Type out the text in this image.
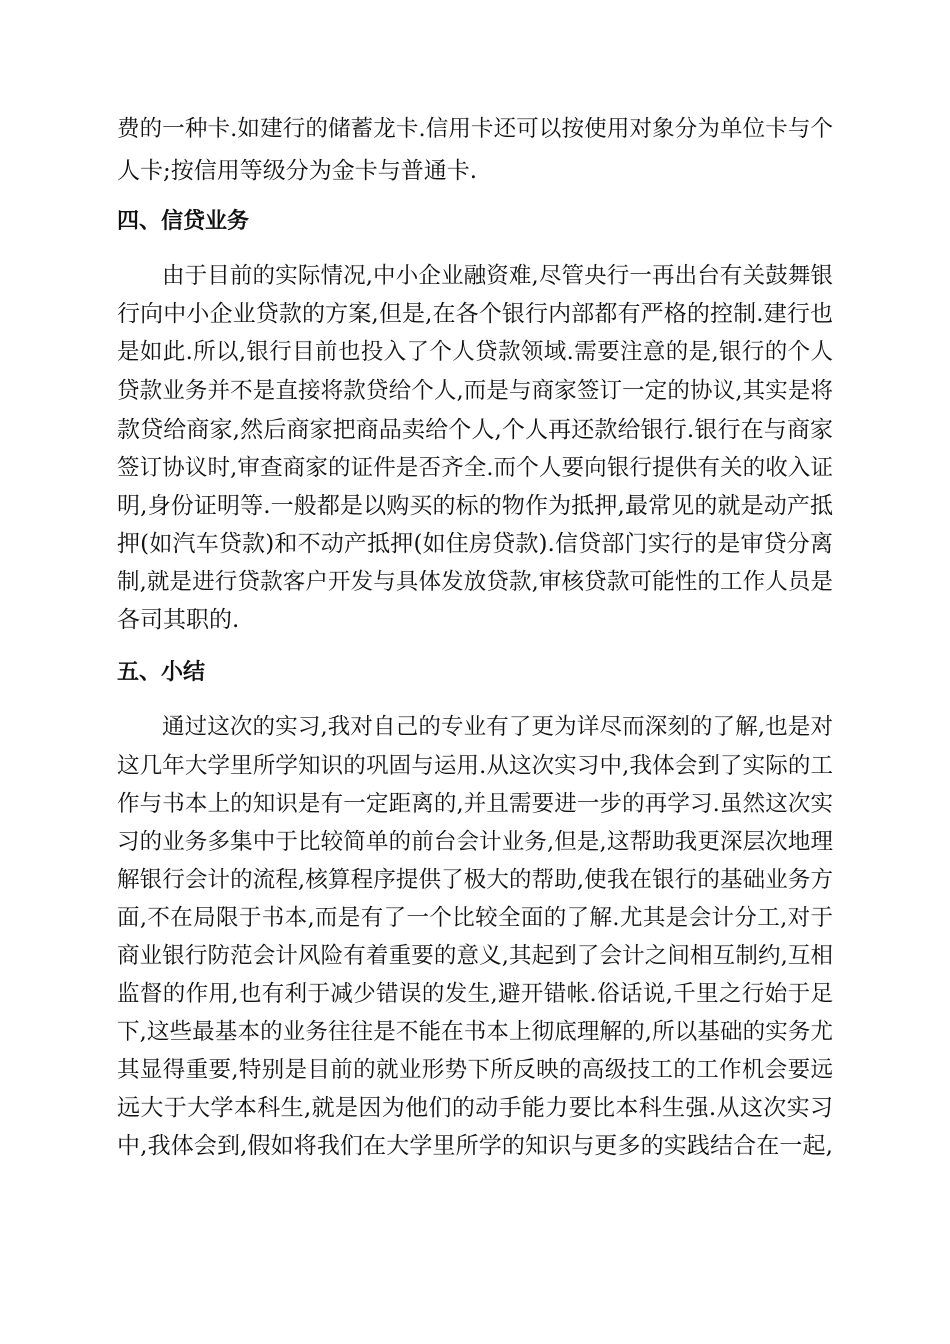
费的一种卡.如建行的储蓄龙卡.信用卡还可以按使用对象分为单位卡与个
人卡;按信用等级分为金卡与普通卡.
四、信贷业务
由于目前的实际情况,中小企业融资难,尽管央行一再出台有关鼓舞银
行向中小企业贷款的方案,但是,在各个银行内部都有严格的控制.建行也
是如此.所以,银行目前也投入了个人贷款领域.需要注意的是,银行的个人
贷款业务并不是直接将款贷给个人,而是与商家签订一定的协议,其实是将
款贷给商家,然后商家把商品卖给个人,个人再还款给银行.银行在与商家
签订协议时,审查商家的证件是否齐全.而个人要向银行提供有关的收入证
明,身份证明等.一般都是以购买的标的物作为抵押,最常见的就是动产抵
押(如汽车贷款)和不动产抵押(如住房贷款).信贷部门实行的是审贷分离
制,就是进行贷款客户开发与具体发放贷款,审核贷款可能性的工作人员是
各司其职的.
五、小结
通过这次的实习,我对自己的专业有了更为详尽而深刻的了解,也是对
这几年大学里所学知识的巩固与运用.从这次实习中,我体会到了实际的工
作与书本上的知识是有一定距离的,并且需要进一步的再学习.虽然这次实
习的业务多集中于比较简单的前台会计业务,但是,这帮助我更深层次地理
解银行会计的流程,核算程序提供了极大的帮助,使我在银行的基础业务方
面,不在局限于书本,而是有了一个比较全面的了解.尤其是会计分工,对于
商业银行防范会计风险有着重要的意义,其起到了会计之间相互制约,互相
监督的作用,也有利于减少错误的发生,避开错帐.俗话说,千里之行始于足
下,这些最基本的业务往往是不能在书本上彻底理解的,所以基础的实务尤
其显得重要,特别是目前的就业形势下所反映的高级技工的工作机会要远
远大于大学本科生,就是因为他们的动手能力要比本科生强.从这次实习
中,我体会到,假如将我们在大学里所学的知识与更多的实践结合在一起,
